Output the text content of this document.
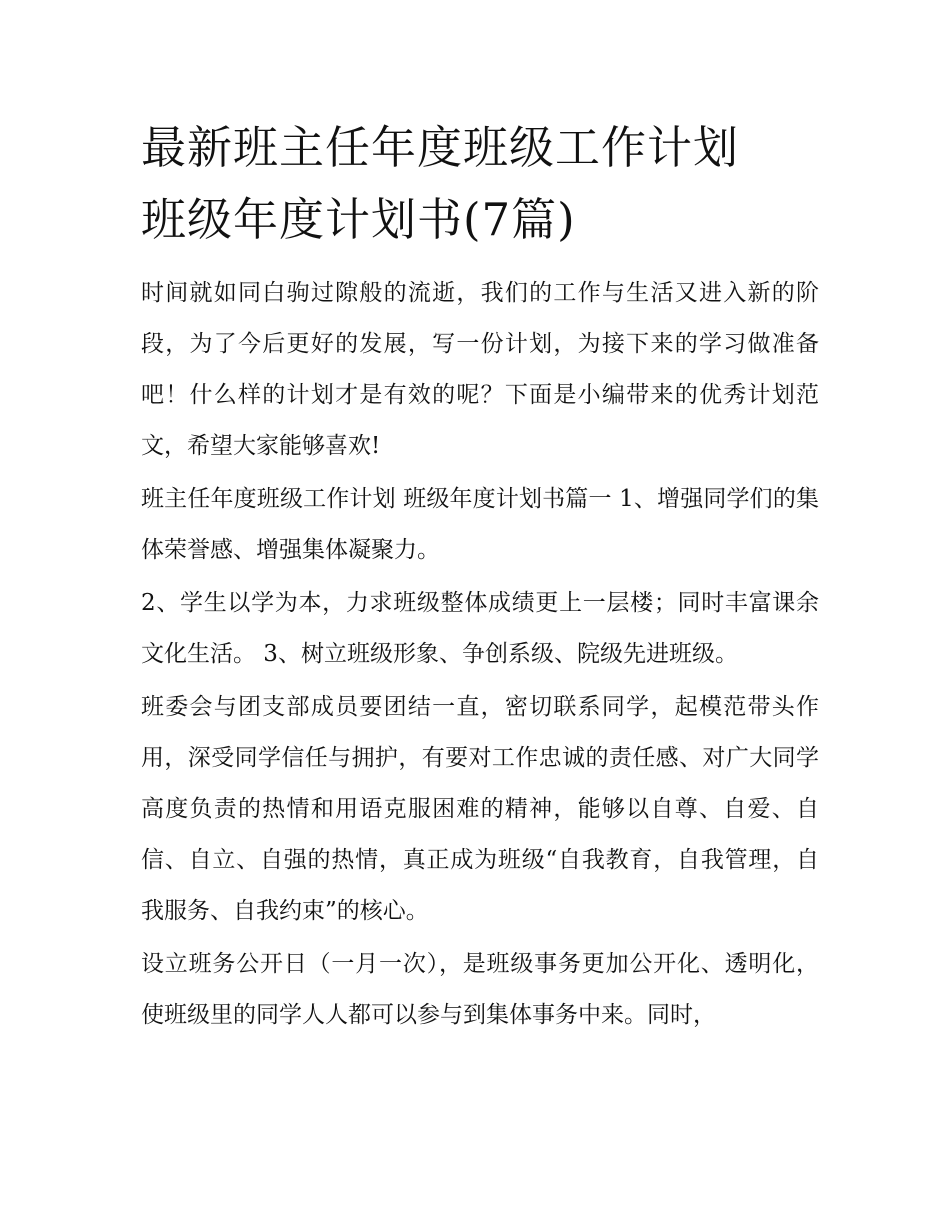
最新班主任年度班级工作计划
班级年度计划书(7篇)

时间就如同白驹过隙般的流逝，我们的工作与生活又进入新的阶段，为了今后更好的发展，写一份计划，为接下来的学习做准备吧！什么样的计划才是有效的呢？下面是小编带来的优秀计划范文，希望大家能够喜欢!

班主任年度班级工作计划 班级年度计划书篇一 1、增强同学们的集体荣誉感、增强集体凝聚力。

2、学生以学为本，力求班级整体成绩更上一层楼；同时丰富课余文化生活。 3、树立班级形象、争创系级、院级先进班级。

班委会与团支部成员要团结一直，密切联系同学，起模范带头作用，深受同学信任与拥护，有要对工作忠诚的责任感、对广大同学高度负责的热情和用语克服困难的精神，能够以自尊、自爱、自信、自立、自强的热情，真正成为班级“自我教育，自我管理，自我服务、自我约束”的核心。

设立班务公开日（一月一次），是班级事务更加公开化、透明化，使班级里的同学人人都可以参与到集体事务中来。同时，
